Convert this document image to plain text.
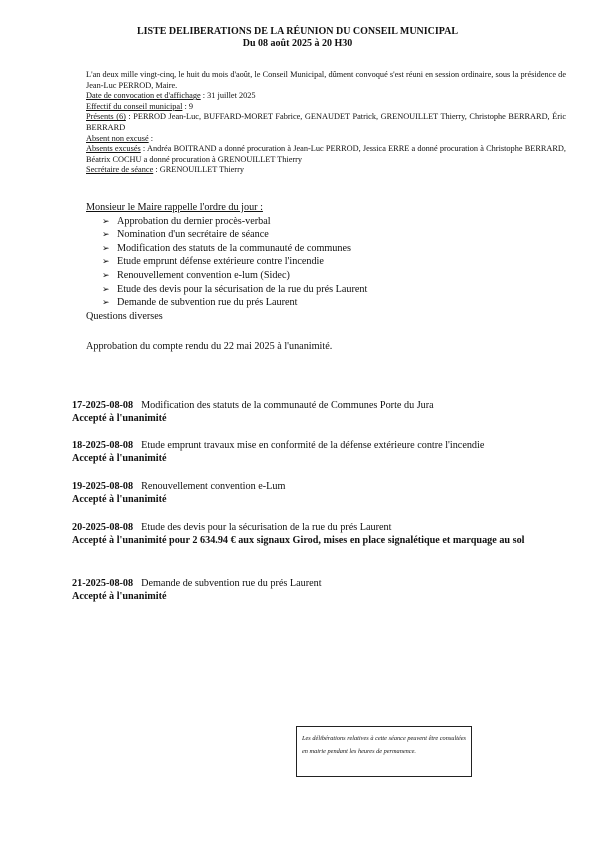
LISTE DELIBERATIONS DE LA RÉUNION DU CONSEIL MUNICIPAL
Du 08 août 2025 à 20 H30

L'an deux mille vingt-cinq, le huit du mois d'août, le Conseil Municipal, dûment convoqué s'est réuni en session ordinaire, sous la présidence de Jean-Luc PERROD, Maire.

Date de convocation et d'affichage : 31 juillet 2025

Effectif du conseil municipal : 9

Présents (6) : PERROD Jean-Luc, BUFFARD-MORET Fabrice, GENAUDET Patrick, GRENOUILLET Thierry, Christophe BERRARD, Éric BERRARD

Absent non excusé :

Absents excusés : Andréa BOITRAND a donné procuration à Jean-Luc PERROD, Jessica ERRE a donné procuration à Christophe BERRARD, Béatrix COCHU a donné procuration à GRENOUILLET Thierry

Secrétaire de séance : GRENOUILLET Thierry

Monsieur le Maire rappelle l'ordre du jour :
➢ Approbation du dernier procès-verbal
➢ Nomination d'un secrétaire de séance
➢ Modification des statuts de la communauté de communes
➢ Etude emprunt défense extérieure contre l'incendie
➢ Renouvellement convention e-lum (Sidec)
➢ Etude des devis pour la sécurisation de la rue du prés Laurent
➢ Demande de subvention rue du prés Laurent
Questions diverses
Approbation du compte rendu du 22 mai 2025 à l'unanimité.
17-2025-08-08 Modification des statuts de la communauté de Communes Porte du Jura
Accepté à l'unanimité
18-2025-08-08 Etude emprunt travaux mise en conformité de la défense extérieure contre l'incendie
Accepté à l'unanimité
19-2025-08-08 Renouvellement convention e-Lum
Accepté à l'unanimité
20-2025-08-08 Etude des devis pour la sécurisation de la rue du prés Laurent
Accepté à l'unanimité pour 2 634.94 € aux signaux Girod, mises en place signalétique et marquage au sol
21-2025-08-08 Demande de subvention rue du prés Laurent
Accepté à l'unanimité
Les délibérations relatives à cette séance peuvent être consultées en mairie pendant les heures de permanence.
